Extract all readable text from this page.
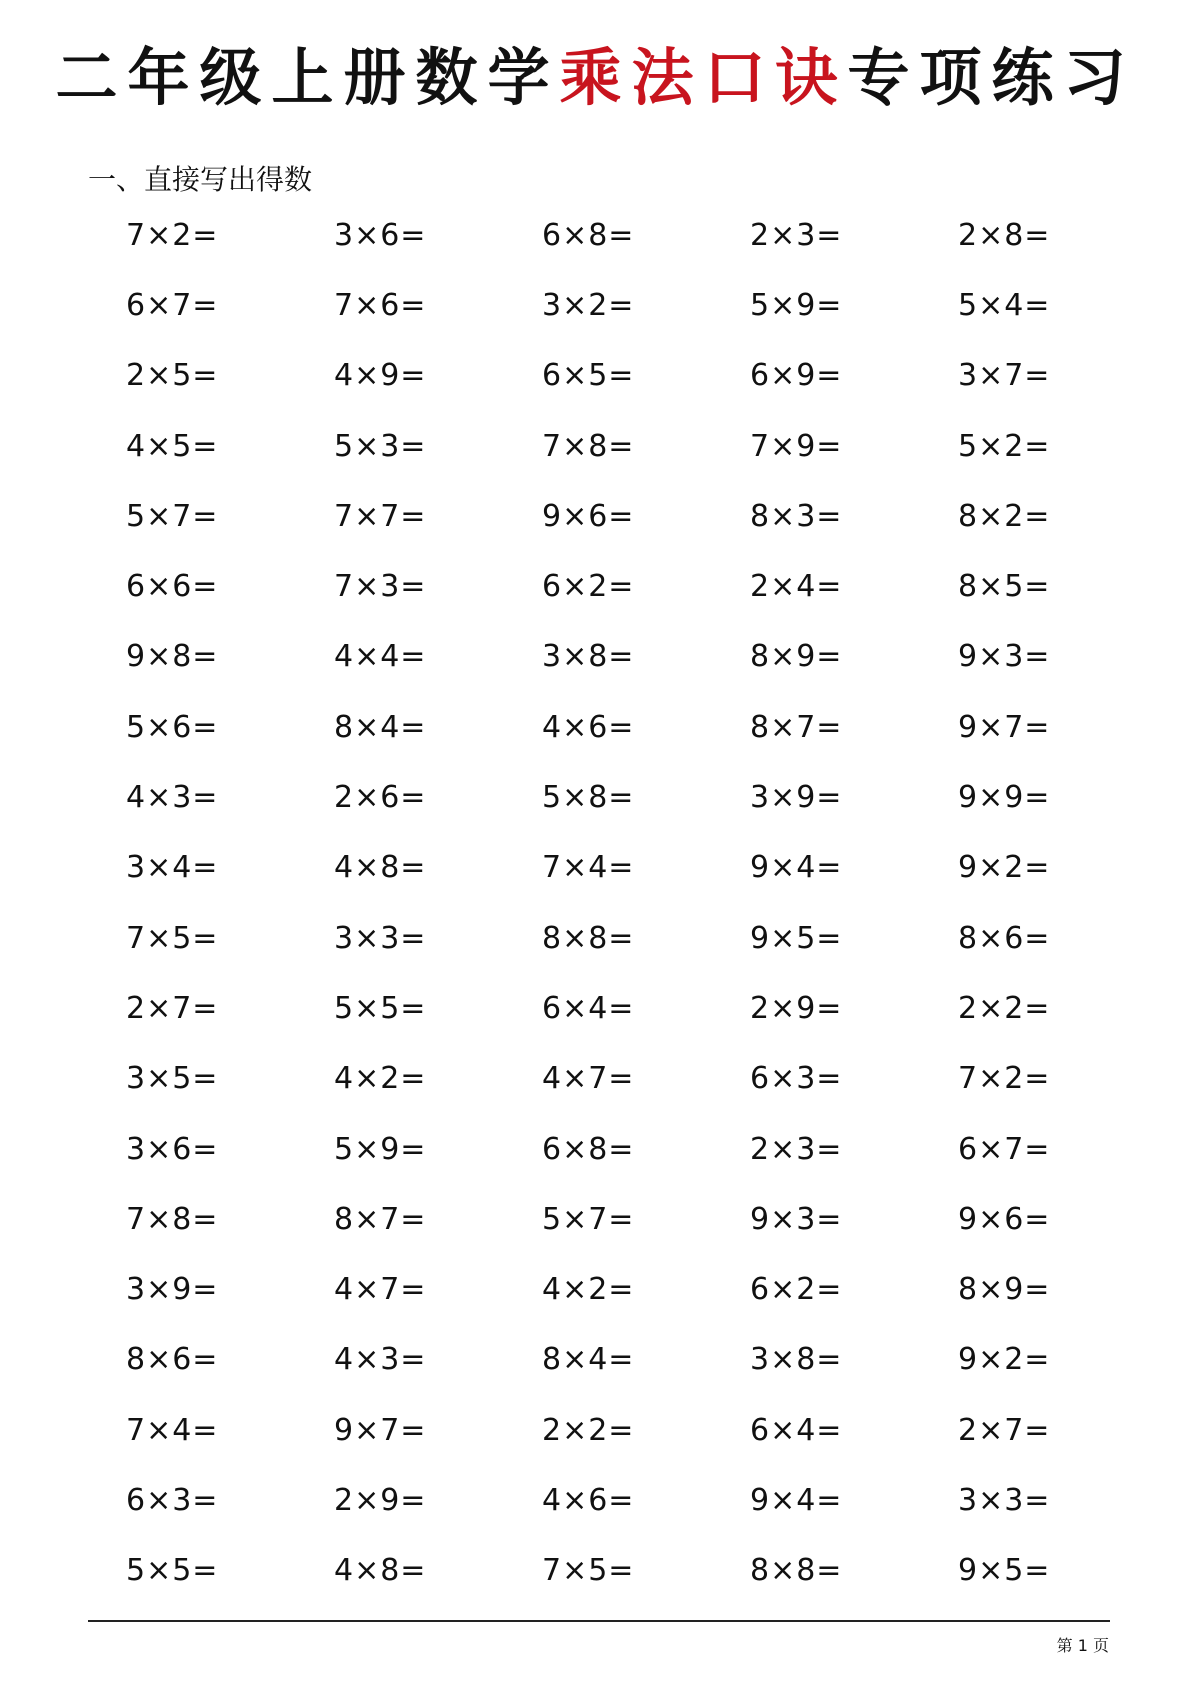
二年级上册数学乘法口诀专项练习
一、直接写出得数
7×2=	3×6=	6×8=	2×3=	2×8=
6×7=	7×6=	3×2=	5×9=	5×4=
2×5=	4×9=	6×5=	6×9=	3×7=
4×5=	5×3=	7×8=	7×9=	5×2=
5×7=	7×7=	9×6=	8×3=	8×2=
6×6=	7×3=	6×2=	2×4=	8×5=
9×8=	4×4=	3×8=	8×9=	9×3=
5×6=	8×4=	4×6=	8×7=	9×7=
4×3=	2×6=	5×8=	3×9=	9×9=
3×4=	4×8=	7×4=	9×4=	9×2=
7×5=	3×3=	8×8=	9×5=	8×6=
2×7=	5×5=	6×4=	2×9=	2×2=
3×5=	4×2=	4×7=	6×3=	7×2=
3×6=	5×9=	6×8=	2×3=	6×7=
7×8=	8×7=	5×7=	9×3=	9×6=
3×9=	4×7=	4×2=	6×2=	8×9=
8×6=	4×3=	8×4=	3×8=	9×2=
7×4=	9×7=	2×2=	6×4=	2×7=
6×3=	2×9=	4×6=	9×4=	3×3=
5×5=	4×8=	7×5=	8×8=	9×5=
第 1 页
